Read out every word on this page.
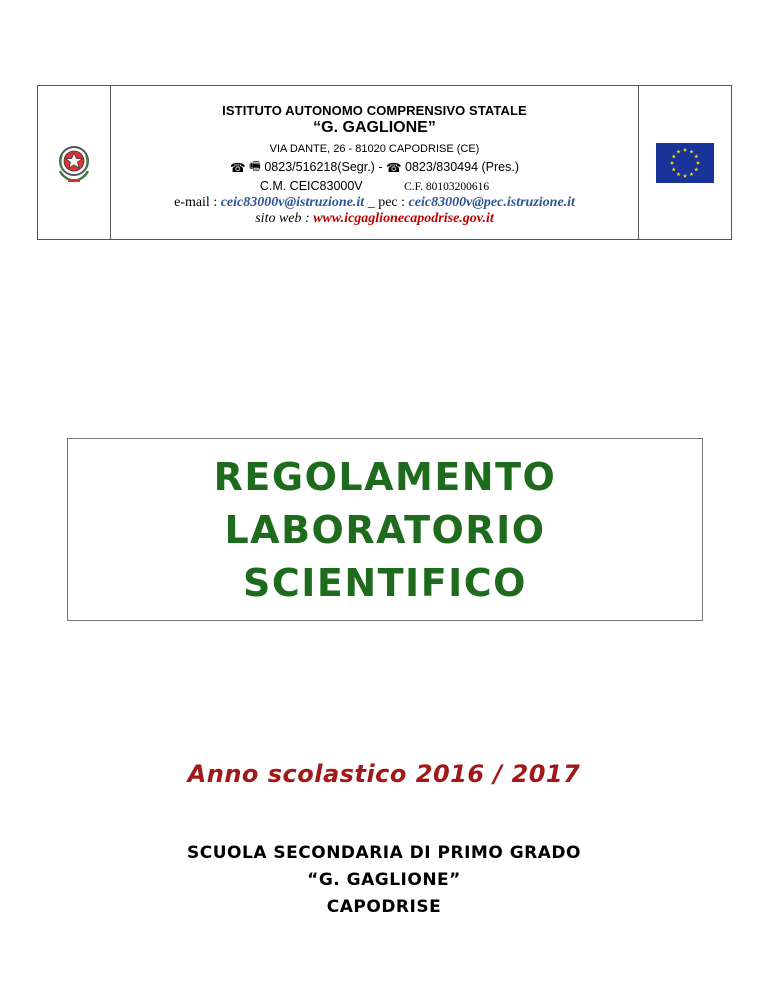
ISTITUTO AUTONOMO COMPRENSIVO STATALE
“G. GAGLIONE”
VIA DANTE, 26 - 81020 CAPODRISE (CE)
☎ 🖷 0823/516218(Segr.) - ☎ 0823/830494 (Pres.)
C.M. CEIC83000V	C.F. 80103200616
e-mail : ceic83000v@istruzione.it _ pec : ceic83000v@pec.istruzione.it
sito web : www.icgaglionecapodrise.gov.it
REGOLAMENTO
LABORATORIO
SCIENTIFICO
Anno scolastico 2016 / 2017
SCUOLA SECONDARIA DI PRIMO GRADO
“G. GAGLIONE”
CAPODRISE
